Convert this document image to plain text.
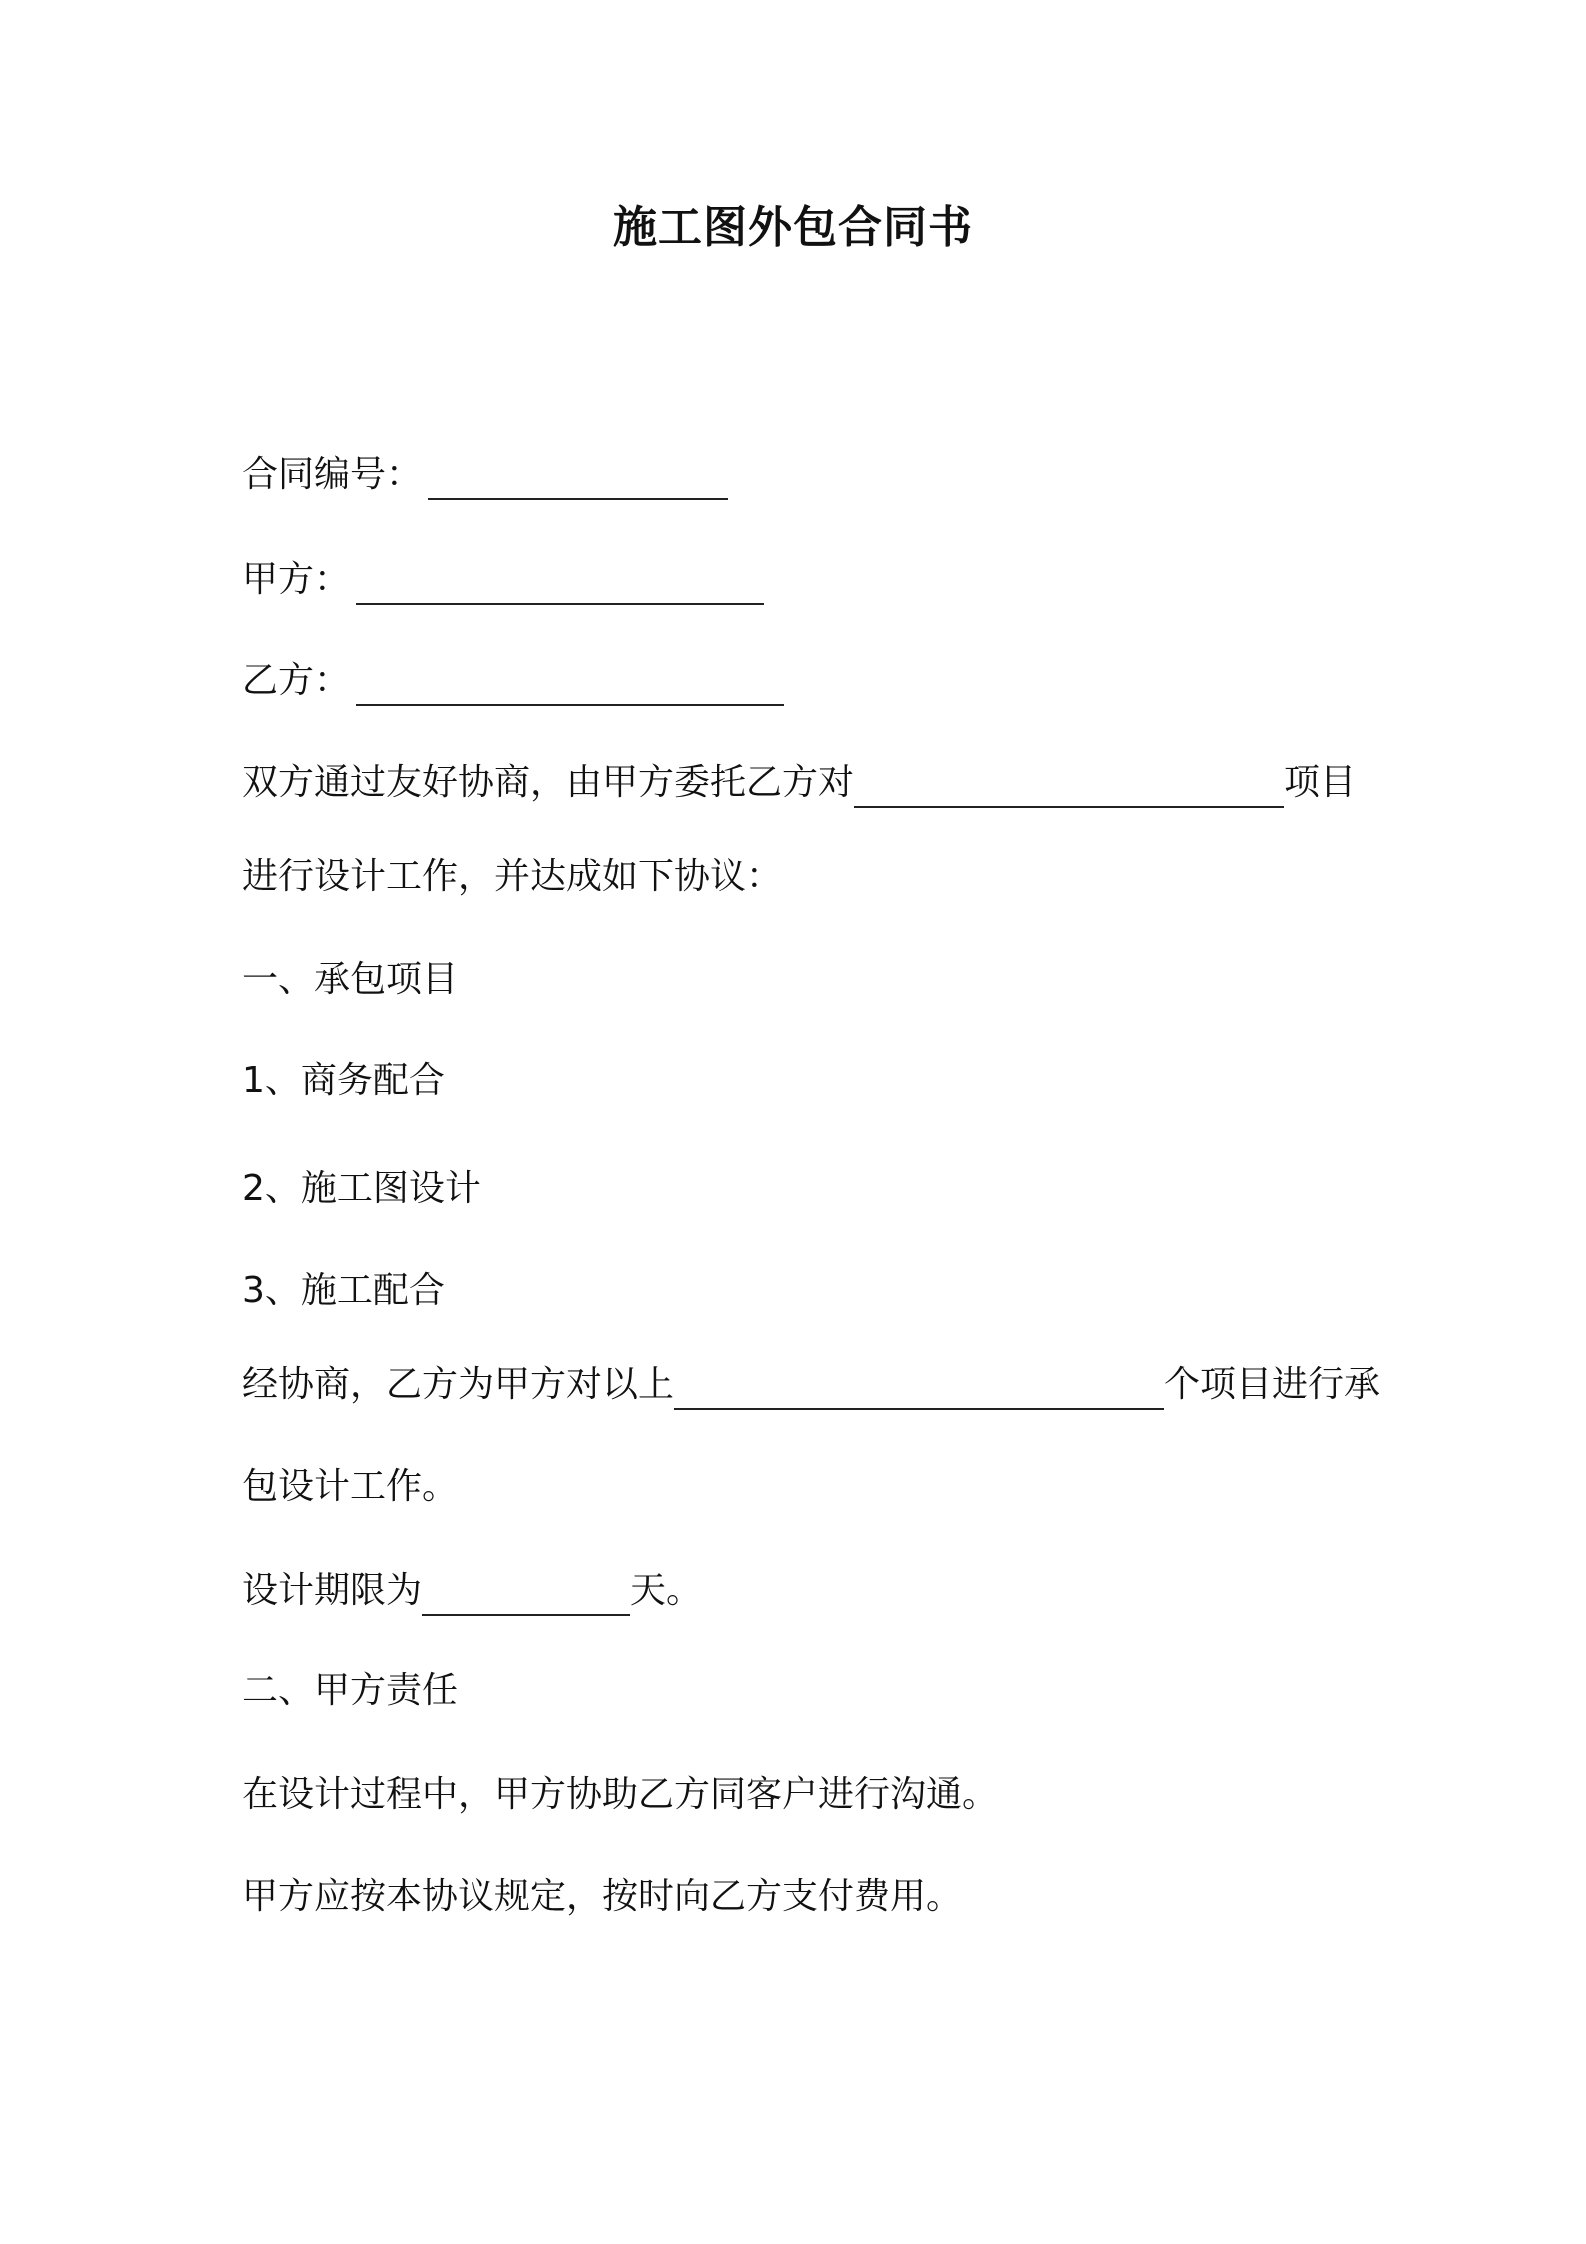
施工图外包合同书
合同编号：
甲方：
乙方：
双方通过友好协商，由甲方委托乙方对	项目
进行设计工作，并达成如下协议：
一、承包项目
1、商务配合
2、施工图设计
3、施工配合
经协商，乙方为甲方对以上	个项目进行承
包设计工作。
设计期限为	天。
二、甲方责任
在设计过程中，甲方协助乙方同客户进行沟通。
甲方应按本协议规定，按时向乙方支付费用。
